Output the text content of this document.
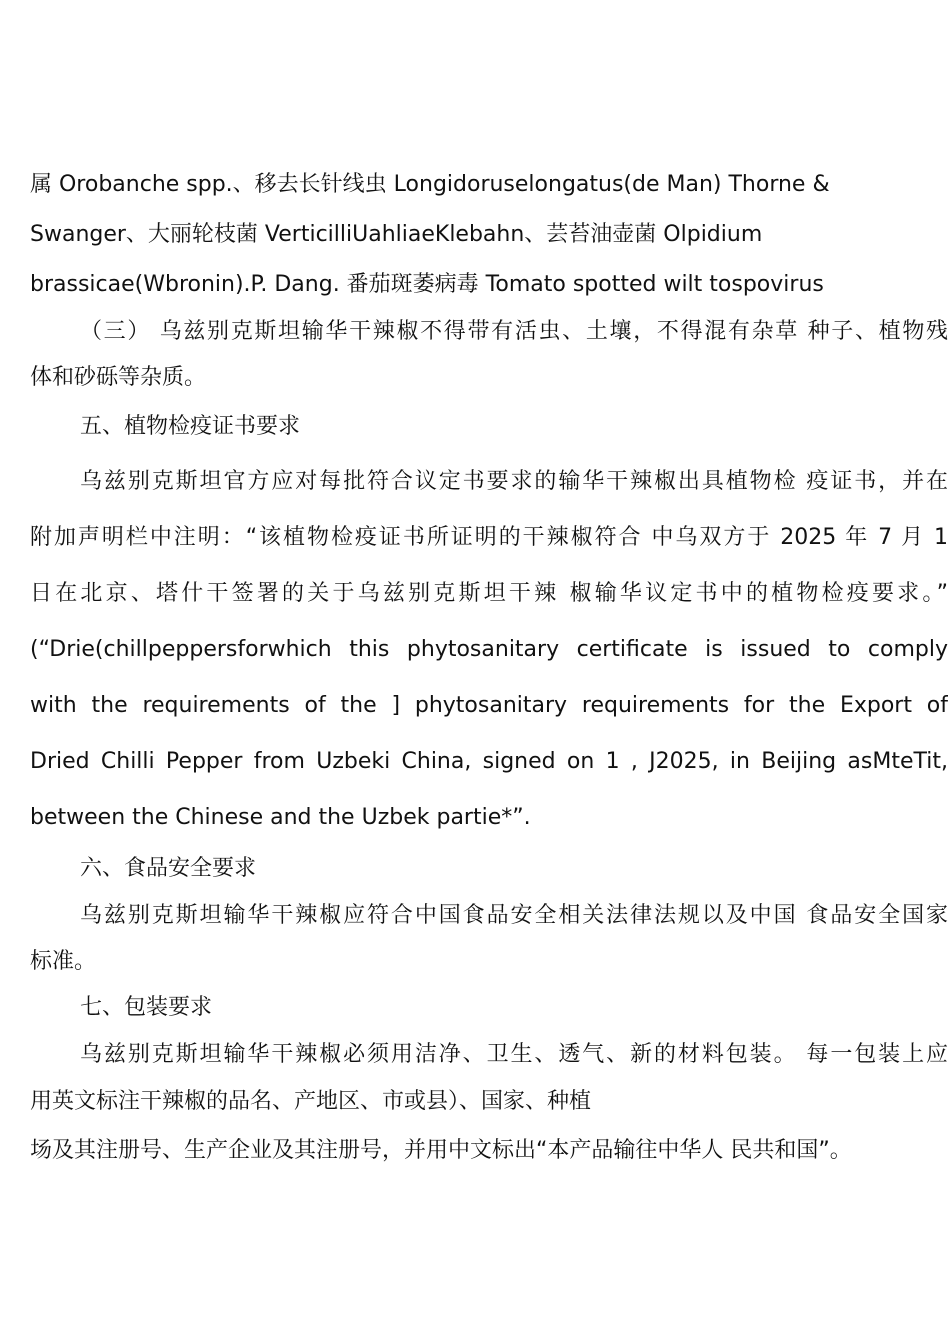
属 Orobanche spp.、移去长针线虫 Longidoruselongatus(de Man) Thorne &
Swanger、大丽轮枝菌 VerticilliUahliaeKlebahn、芸苔油壶菌 Olpidium
brassicae(Wbronin).P. Dang. 番茄斑萎病毒 Tomato spotted wilt tospovirus
（三） 乌兹别克斯坦输华干辣椒不得带有活虫、土壤，不得混有杂草 种子、植物残
体和砂砾等杂质。
五、植物检疫证书要求
乌兹别克斯坦官方应对每批符合议定书要求的输华干辣椒出具植物检 疫证书，并在
附加声明栏中注明：“该植物检疫证书所证明的干辣椒符合 中乌双方于 2025 年 7 月 1
日在北京、塔什干签署的关于乌兹别克斯坦干辣 椒输华议定书中的植物检疫要求。”
(“Drie(chillpeppersforwhich this phytosanitary certificate is issued to comply
with the requirements of the ] phytosanitary requirements for the Export of
Dried Chilli Pepper from Uzbeki China, signed on 1 , J2025, in Beijing asMteTit,
between the Chinese and the Uzbek partie*”.
六、食品安全要求
乌兹别克斯坦输华干辣椒应符合中国食品安全相关法律法规以及中国 食品安全国家
标准。
七、包装要求
乌兹别克斯坦输华干辣椒必须用洁净、卫生、透气、新的材料包装。 每一包装上应
用英文标注干辣椒的品名、产地区、市或县）、国家、种植
场及其注册号、生产企业及其注册号，并用中文标出“本产品输往中华人 民共和国”。
